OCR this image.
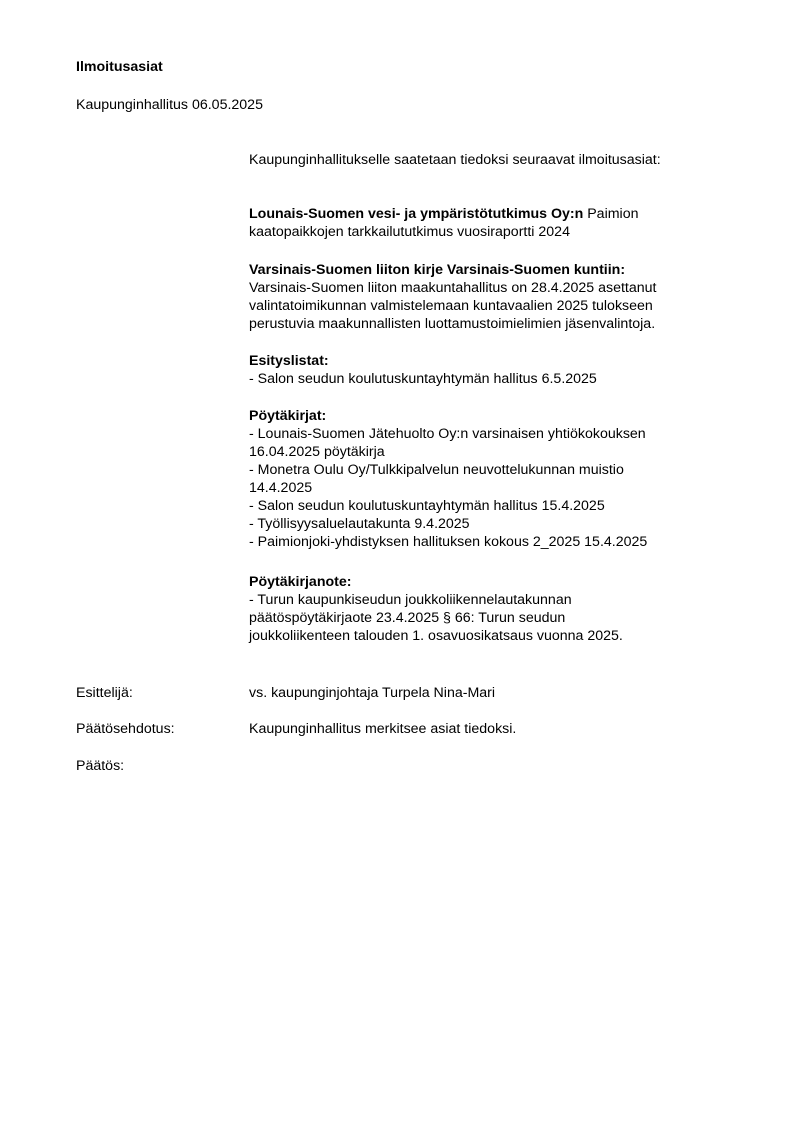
Ilmoitusasiat
Kaupunginhallitus 06.05.2025
Kaupunginhallitukselle saatetaan tiedoksi seuraavat ilmoitusasiat:
Lounais-Suomen vesi- ja ympäristötutkimus Oy:n Paimion
kaatopaikkojen tarkkailututkimus vuosiraportti 2024
Varsinais-Suomen liiton kirje Varsinais-Suomen kuntiin:
Varsinais-Suomen liiton maakuntahallitus on 28.4.2025 asettanut
valintatoimikunnan valmistelemaan kuntavaalien 2025 tulokseen
perustuvia maakunnallisten luottamustoimielimien jäsenvalintoja.
Esityslistat:
- Salon seudun koulutuskuntayhtymän hallitus 6.5.2025
Pöytäkirjat:
- Lounais-Suomen Jätehuolto Oy:n varsinaisen yhtiökokouksen
16.04.2025 pöytäkirja
- Monetra Oulu Oy/Tulkkipalvelun neuvottelukunnan muistio
14.4.2025
- Salon seudun koulutuskuntayhtymän hallitus 15.4.2025
- Työllisyysaluelautakunta 9.4.2025
- Paimionjoki-yhdistyksen hallituksen kokous 2_2025 15.4.2025
Pöytäkirjanote:
- Turun kaupunkiseudun joukkoliikennelautakunnan
päätöspöytäkirjaote 23.4.2025 § 66: Turun seudun
joukkoliikenteen talouden 1. osavuosikatsaus vuonna 2025.
Esittelijä:	vs. kaupunginjohtaja Turpela Nina-Mari
Päätösehdotus:	Kaupunginhallitus merkitsee asiat tiedoksi.
Päätös:
